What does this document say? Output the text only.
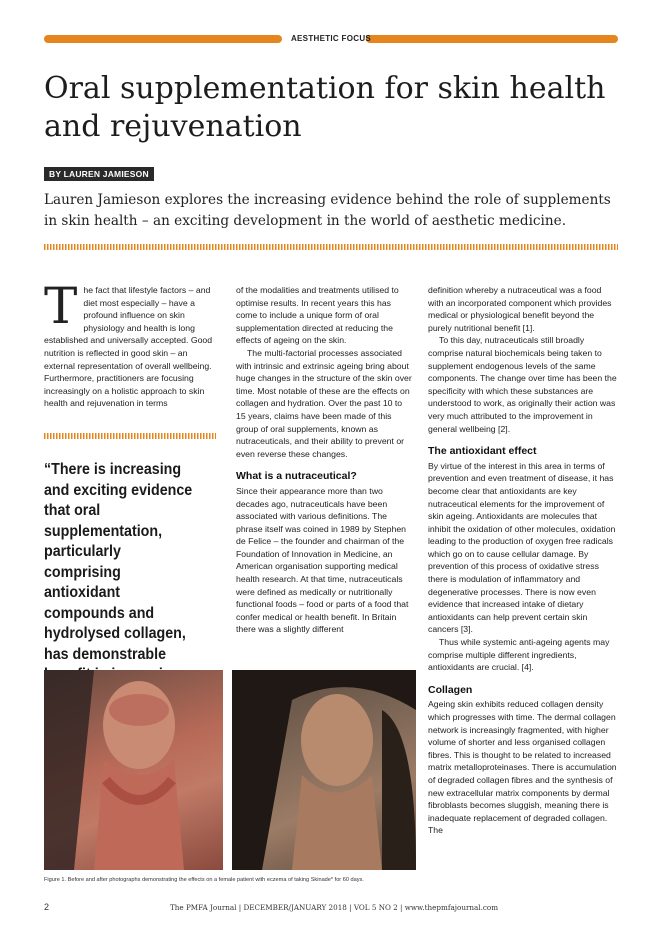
AESTHETIC FOCUS
Oral supplementation for skin health and rejuvenation
BY LAUREN JAMIESON
Lauren Jamieson explores the increasing evidence behind the role of supplements in skin health – an exciting development in the world of aesthetic medicine.
T he fact that lifestyle factors – and diet most especially – have a profound influence on skin physiology and health is long established and universally accepted. Good nutrition is reflected in good skin – an external representation of overall wellbeing. Furthermore, practitioners are focusing increasingly on a holistic approach to skin health and rejuvenation in terms

“There is increasing and exciting evidence that oral supplementation, particularly comprising antioxidant compounds and hydrolysed collagen, has demonstrable

of the modalities and treatments utilised to optimise results. In recent years this has come to include a unique form of oral supplementation directed at reducing the effects of ageing on the skin.

The multi-factorial processes associated with intrinsic and extrinsic ageing bring about huge changes in the structure of the skin over time. Most notable of these are the effects on collagen and hydration. Over the past 10 to 15 years, claims have been made of this group of oral supplements, known as nutraceuticals, and their ability to prevent or even reverse these changes.

What is a nutraceutical?

Since their appearance more than two decades ago, nutraceuticals have been associated with various definitions. The phrase itself was coined in 1989 by Stephen de Felice – the founder and chairman of the Foundation of Innovation in Medicine, an American organisation supporting medical health research. At that time, nutraceuticals were defined as medically or nutritionally functional foods – food or parts of a food that confer medical or health benefit. In Britain there was a slightly different

definition whereby a nutraceutical was a food with an incorporated component which provides medical or physiological benefit beyond the purely nutritional benefit [1].

To this day, nutraceuticals still broadly comprise natural biochemicals being taken to supplement endogenous levels of the same components. The change over time has been the specificity with which these substances are understood to work, as originally their action was very much attributed to the improvement in general wellbeing [2].

The antioxidant effect

By virtue of the interest in this area in terms of prevention and even treatment of disease, it has become clear that antioxidants are key nutraceutical elements for the improvement of skin ageing. Antioxidants are molecules that inhibit the oxidation of other molecules, oxidation leading to the production of oxygen free radicals which go on to cause cellular damage. By prevention of this process of oxidative stress there is modulation of inflammatory and degenerative processes. There is now even evidence that increased intake of dietary antioxidants can help prevent certain skin cancers [3].

Thus while systemic anti-ageing agents may comprise multiple different ingredients, antioxidants are crucial. [4].

Collagen

Ageing skin exhibits reduced collagen density which progresses with time. The dermal collagen network is increasingly fragmented, with higher volume of shorter and less organised collagen fibres. This is thought to be related to increased matrix metalloproteinases. There is accumulation of degraded collagen fibres and the synthesis of new extracellular matrix components by dermal fibroblasts becomes sluggish, meaning there is inadequate replacement of degraded collagen. The

Figure 1. Before and after photographs demonstrating the effects on a female patient with eczema of taking Skinade* for 60 days.
2	The PMFA Journal | DECEMBER/JANUARY 2018 | VOL 5 NO 2 | www.thepmfajournal.com
